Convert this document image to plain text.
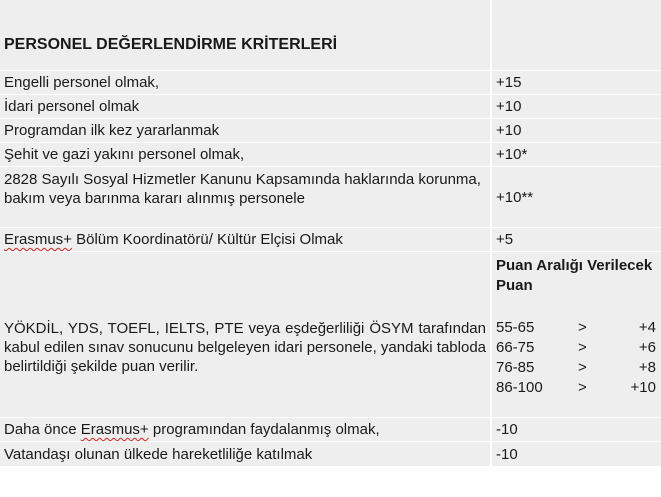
PERSONEL DEĞERLENDİRME KRİTERLERİ
Engelli personel olmak,	+15
İdari personel olmak	+10
Programdan ilk kez yararlanmak	+10
Şehit ve gazi yakını personel olmak,	+10*
2828 Sayılı Sosyal Hizmetler Kanunu Kapsamında haklarında korunma, bakım veya barınma kararı alınmış personele	+10**
Erasmus+ Bölüm Koordinatörü/ Kültür Elçisi Olmak	+5
YÖKDİL, YDS, TOEFL, IELTS, PTE veya eşdeğerliliği ÖSYM tarafından kabul edilen sınav sonucunu belgeleyen idari personele, yandaki tabloda belirtildiği şekilde puan verilir.
Puan Aralığı Verilecek Puan
55-65	>	+4
66-75	>	+6
76-85	>	+8
86-100	>	+10
Daha önce Erasmus+ programından faydalanmış olmak,	-10
Vatandaşı olunan ülkede hareketliliğe katılmak	-10
